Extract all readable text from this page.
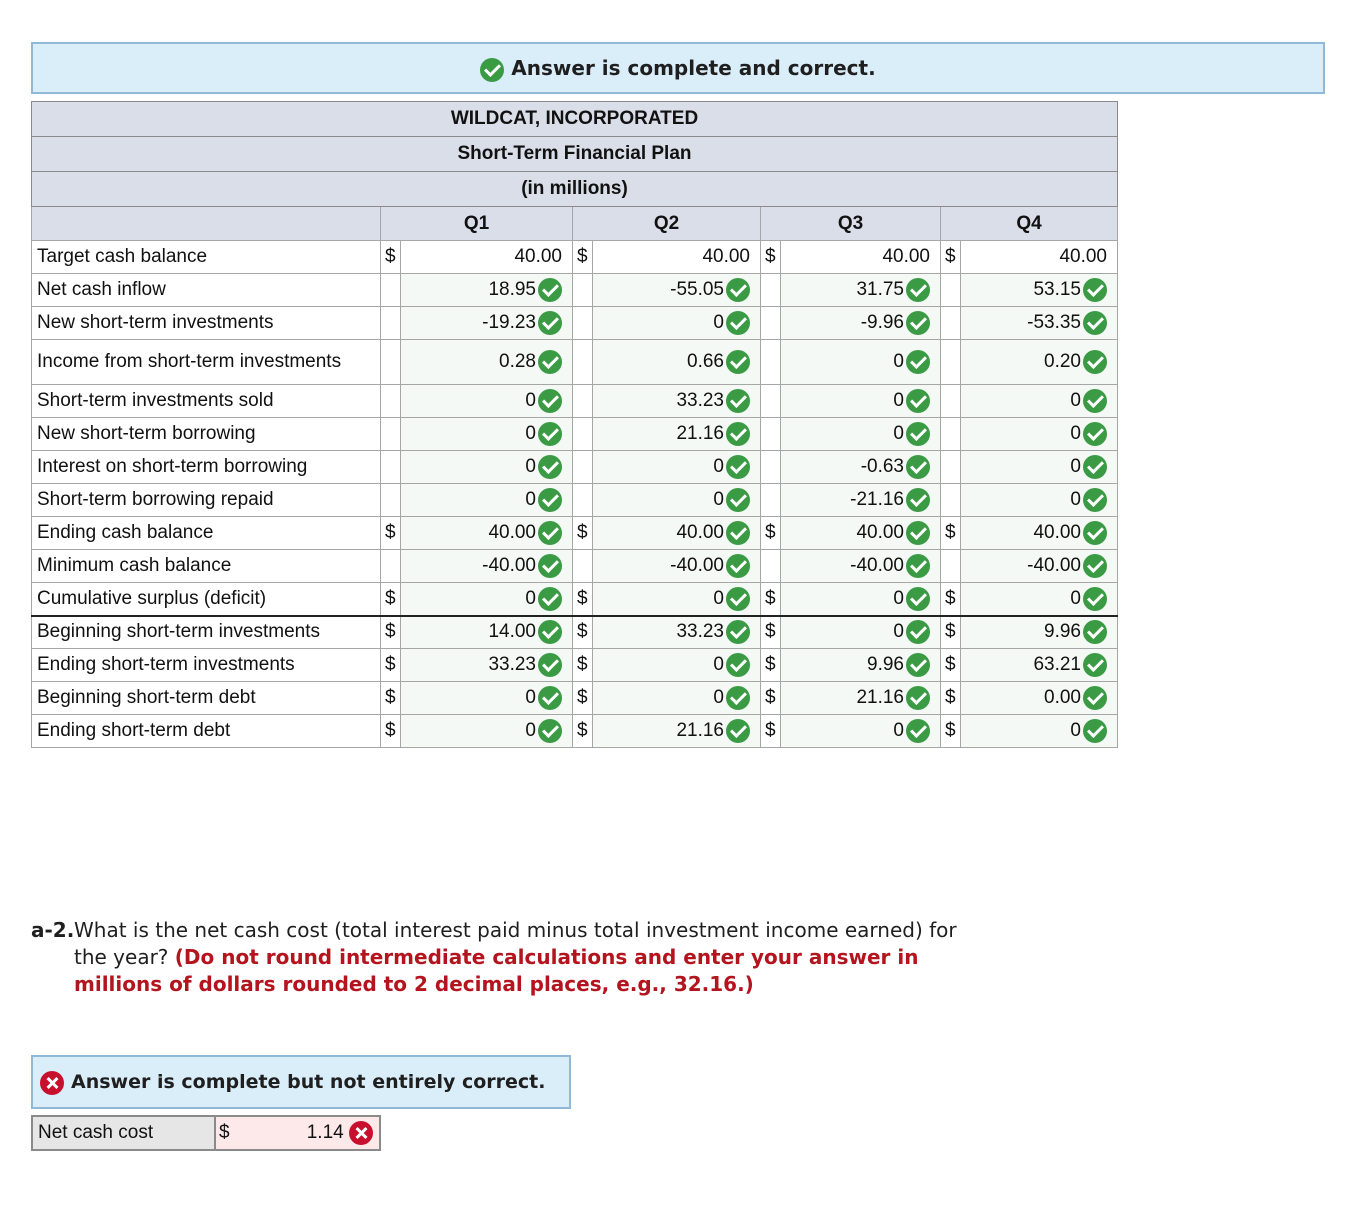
Answer is complete and correct.
WILDCAT, INCORPORATED								
Short-Term Financial Plan								
(in millions)								
	Q1		Q2		Q3		Q4	
Target cash balance	$	40.00	$	40.00	$	40.00	$	40.00
Net cash inflow		18.95		-55.05		31.75		53.15
New short-term investments		-19.23		0		-9.96		-53.35
Income from short-term investments		0.28		0.66		0		0.20
Short-term investments sold		0		33.23		0		0
New short-term borrowing		0		21.16		0		0
Interest on short-term borrowing		0		0		-0.63		0
Short-term borrowing repaid		0		0		-21.16		0
Ending cash balance	$	40.00	$	40.00	$	40.00	$	40.00
Minimum cash balance		-40.00		-40.00		-40.00		-40.00
Cumulative surplus (deficit)	$	0	$	0	$	0	$	0
Beginning short-term investments	$	14.00	$	33.23	$	0	$	9.96
Ending short-term investments	$	33.23	$	0	$	9.96	$	63.21
Beginning short-term debt	$	0	$	0	$	21.16	$	0.00
Ending short-term debt	$	0	$	21.16	$	0	$	0
a-2. What is the net cash cost (total interest paid minus total investment income earned) for the year? (Do not round intermediate calculations and enter your answer in millions of dollars rounded to 2 decimal places, e.g., 32.16.)
Answer is complete but not entirely correct.
Net cash cost	$	1.14
